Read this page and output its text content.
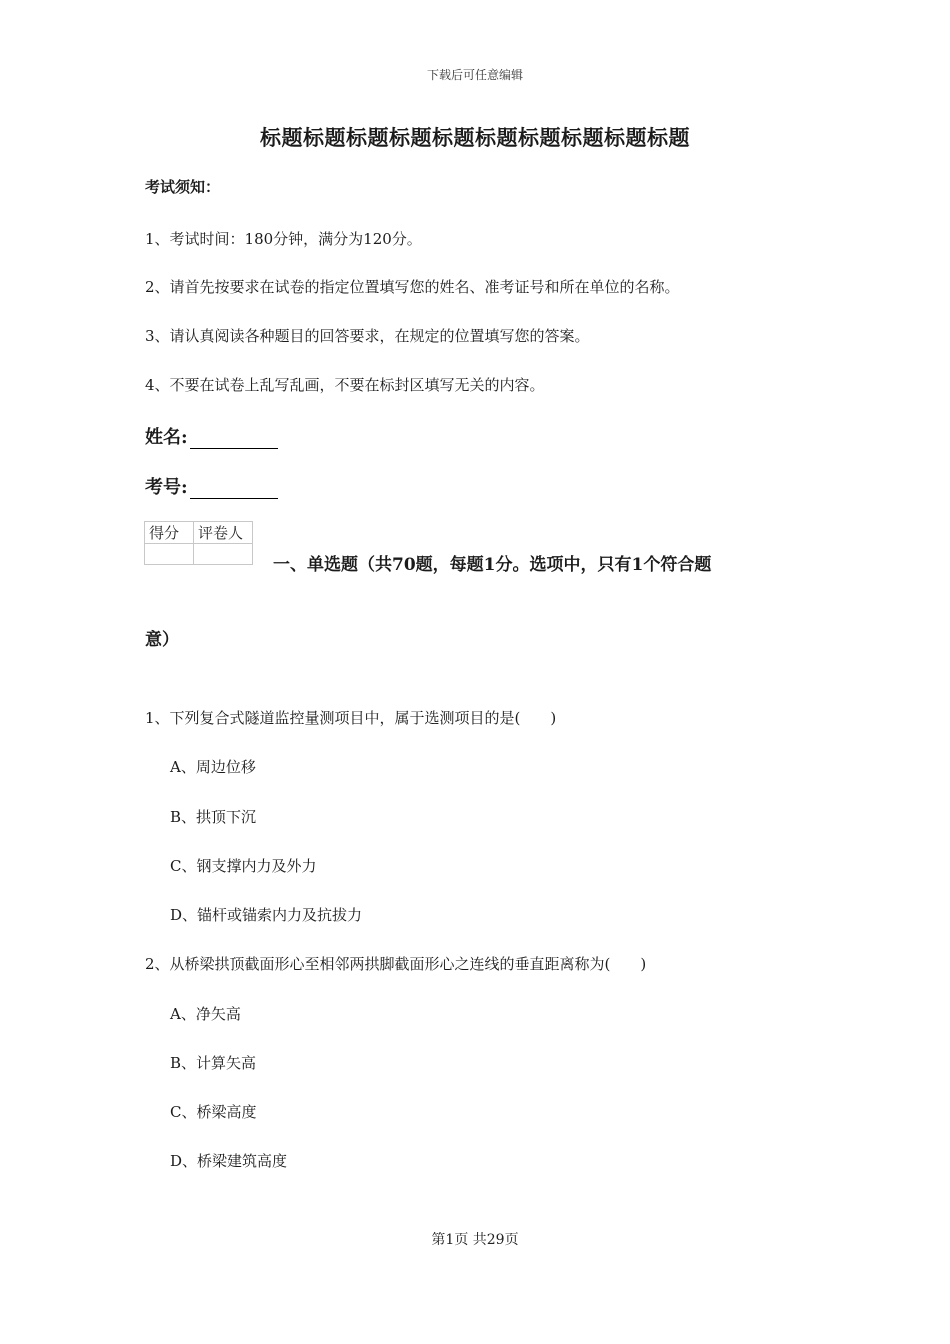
下载后可任意编辑
标题标题标题标题标题标题标题标题标题标题
考试须知：
1、考试时间：180分钟，满分为120分。
2、请首先按要求在试卷的指定位置填写您的姓名、准考证号和所在单位的名称。
3、请认真阅读各种题目的回答要求，在规定的位置填写您的答案。
4、不要在试卷上乱写乱画，不要在标封区填写无关的内容。
姓名:
考号:
得分	评卷人

一、单选题（共70题，每题1分。选项中，只有1个符合题
意）
1、下列复合式隧道监控量测项目中，属于选测项目的是(　　)
A、周边位移
B、拱顶下沉
C、钢支撑内力及外力
D、锚杆或锚索内力及抗拔力
2、从桥梁拱顶截面形心至相邻两拱脚截面形心之连线的垂直距离称为(　　)
A、净矢高
B、计算矢高
C、桥梁高度
D、桥梁建筑高度
第1页 共29页
